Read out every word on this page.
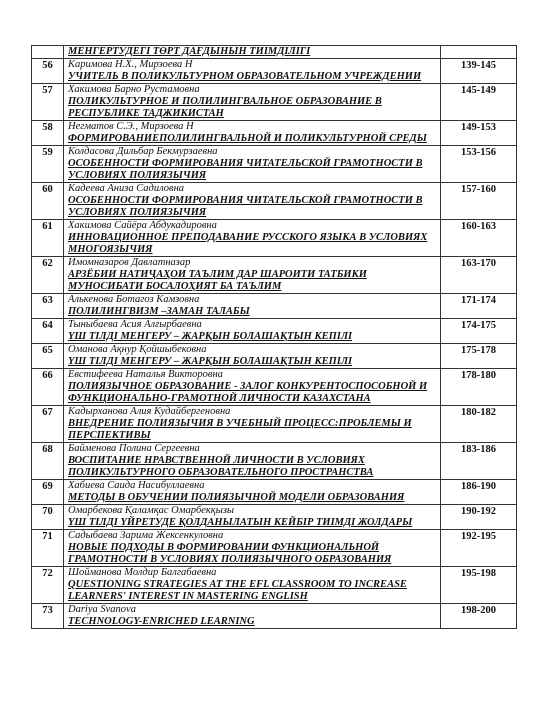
	МЕНГЕРТУДЕГІ ТӨРТ ДАҒДЫНЫН ТИІМДІЛІГІ	

56	Каримова Н.Х., Мирзоева Н
УЧИТЕЛЬ В ПОЛИКУЛЬТУРНОМ ОБРАЗОВАТЕЛЬНОМ УЧРЕЖДЕНИИ	139-145
57	Хакимова Барно Рустамовна
ПОЛИКУЛЬТУРНОЕ И ПОЛИЛИНГВАЛЬНОЕ ОБРАЗОВАНИЕ В РЕСПУБЛИКЕ ТАДЖИКИСТАН	145-149
58	Негматов С.Э., Мирзоева Н
ФОРМИРОВАНИЕПОЛИЛИНГВАЛЬНОЙ И ПОЛИКУЛЬТУРНОЙ СРЕДЫ	149-153
59	Колдасова Дильбар Бекмурзаевна
ОСОБЕННОСТИ ФОРМИРОВАНИЯ ЧИТАТЕЛЬСКОЙ ГРАМОТНОСТИ В УСЛОВИЯХ ПОЛИЯЗЫЧИЯ	153-156
60	Кадеева Аниза Садиловна
ОСОБЕННОСТИ ФОРМИРОВАНИЯ ЧИТАТЕЛЬСКОЙ ГРАМОТНОСТИ В УСЛОВИЯХ ПОЛИЯЗЫЧИЯ	157-160
61	Хакимова Сайёра Абдукадировна
ИННОВАЦИОННОЕ ПРЕПОДАВАНИЕ РУССКОГО ЯЗЫКА В УСЛОВИЯХ МНОГОЯЗЫЧИЯ	160-163
62	Имомназаров Давлатназар
АРЗЁБИИ НАТИҶАҲОИ ТАЪЛИМ ДАР ШАРОИТИ ТАТБИКИ МУНОСИБАТИ БОСАЛОҲИЯТ БА ТАЪЛИМ	163-170
63	Алькенова Ботагоз Камзовна
ПОЛИЛИНГВИЗМ –ЗАМАН ТАЛАБЫ	171-174
64	Тыныбаева Асия Алғырбаевна
ҮШ ТІЛДІ МЕНГЕРУ – ЖАРҚЫН БОЛАШАҚТЫН КЕПІЛІ	174-175
65	Оманова Ақнур Қойшыбековна
ҮШ ТІЛДІ МЕНГЕРУ – ЖАРҚЫН БОЛАШАҚТЫН КЕПІЛІ	175-178
66	Евстифеева Наталья Викторовна
ПОЛИЯЗЫЧНОЕ ОБРАЗОВАНИЕ - ЗАЛОГ КОНКУРЕНТОСПОСОБНОЙ И ФУНКЦИОНАЛЬНО-ГРАМОТНОЙ ЛИЧНОСТИ КАЗАХСТАНА	178-180
67	Кадырханова Алия Кудайбергеновна
ВНЕДРЕНИЕ ПОЛИЯЗЫЧИЯ В УЧЕБНЫЙ ПРОЦЕСС:ПРОБЛЕМЫ И ПЕРСПЕКТИВЫ	180-182
68	Байменова Полина Сергеевна
ВОСПИТАНИЕ НРАВСТВЕННОЙ ЛИЧНОСТИ В УСЛОВИЯХ ПОЛИКУЛЬТУРНОГО ОБРАЗОВАТЕЛЬНОГО ПРОСТРАНСТВА	183-186
69	Хабиева Саида Насибуллаевна
МЕТОДЫ В ОБУЧЕНИИ ПОЛИЯЗЫЧНОЙ МОДЕЛИ ОБРАЗОВАНИЯ	186-190
70	Омарбекова Қаламқас Омарбекқызы
ҮШ ТІЛДІ ҮЙРЕТУДЕ ҚОЛДАНЫЛАТЫН КЕЙБІР ТИІМДІ ЖОЛДАРЫ	190-192
71	Садыбаева Зарима Жексенкуловна
НОВЫЕ ПОДХОДЫ В ФОРМИРОВАНИИ ФУНКЦИОНАЛЬНОЙ ГРАМОТНОСТИ В УСЛОВИЯХ ПОЛИЯЗЫЧНОГО ОБРАЗОВАНИЯ	192-195
72	Шойманова Молдир Балгабаевна
QUESTIONING STRATEGIES AT THE EFL CLASSROOM TO INCREASE LEARNERS' INTEREST IN MASTERING ENGLISH	195-198
73	Dariya Svanova
TECHNOLOGY-ENRICHED LEARNING	198-200
